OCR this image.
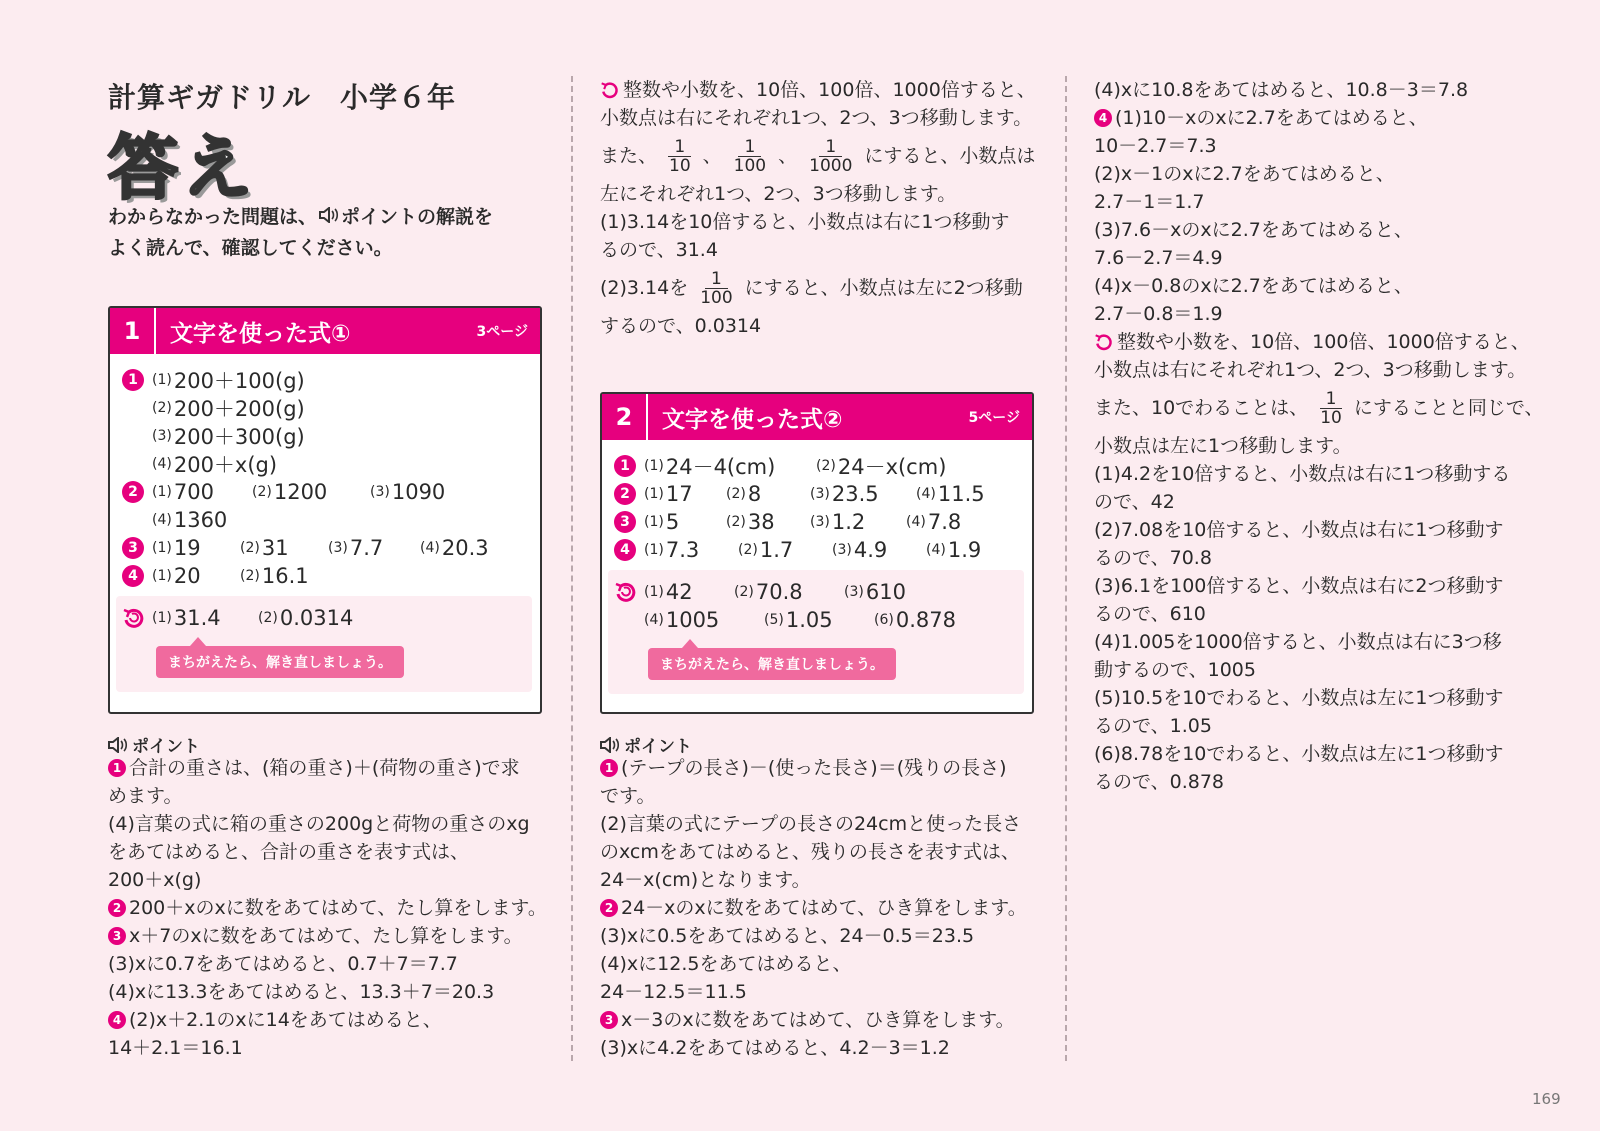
計算ギガドリル　小学６年
答え
わからなかった問題は、 ポイントの解説を
よく読んで、確認してください。
1	文字を使った式①	3ページ
1	(1) 200＋100(g)
(2) 200＋200(g)
(3) 200＋300(g)
(4) 200＋x(g)
2	(1) 700	(2) 1200	(3) 1090
(4) 1360
3	(1) 19	(2) 31	(3) 7.7	(4) 20.3
4	(1) 20	(2) 16.1
(1) 31.4	(2) 0.0314
まちがえたら、解き直しましょう。
ポイント
1 合計の重さは、(箱の重さ)＋(荷物の重さ)で求
めます。
(4)言葉の式に箱の重さの200gと荷物の重さのxg
をあてはめると、合計の重さを表す式は、
200＋x(g)
2 200＋xのxに数をあてはめて、たし算をします。
3 x＋7のxに数をあてはめて、たし算をします。
(3)xに0.7をあてはめると、0.7＋7＝7.7
(4)xに13.3をあてはめると、13.3＋7＝20.3
4 (2)x＋2.1のxに14をあてはめると、
14＋2.1＝16.1
整数や小数を、10倍、100倍、1000倍すると、
小数点は右にそれぞれ1つ、2つ、3つ移動します。
また、 $\frac{1}{10}$ 、 $\frac{1}{100}$ 、 $\frac{1}{1000}$ にすると、小数点は
左にそれぞれ1つ、2つ、3つ移動します。
(1)3.14を10倍すると、小数点は右に1つ移動す
るので、31.4
(2)3.14を $\frac{1}{100}$ にすると、小数点は左に2つ移動
するので、0.0314
2	文字を使った式②	5ページ
1	(1) 24－4(cm)	(2) 24－x(cm)
2	(1) 17 (2) 8	(3) 23.5	(4) 11.5
3	(1) 5	(2) 38	(3) 1.2	(4) 7.8
4	(1) 7.3	(2) 1.7	(3) 4.9	(4) 1.9
(1) 42	(2) 70.8	(3) 610
(4) 1005	(5) 1.05	(6) 0.878
まちがえたら、解き直しましょう。
ポイント
1 (テープの長さ)－(使った長さ)＝(残りの長さ)
です。
(2)言葉の式にテープの長さの24cmと使った長さ
のxcmをあてはめると、残りの長さを表す式は、
24－x(cm)となります。
2 24－xのxに数をあてはめて、ひき算をします。
(3)xに0.5をあてはめると、24－0.5＝23.5
(4)xに12.5をあてはめると、
24－12.5＝11.5
3 x－3のxに数をあてはめて、ひき算をします。
(3)xに4.2をあてはめると、4.2－3＝1.2
(4)xに10.8をあてはめると、10.8－3＝7.8
4 (1)10－xのxに2.7をあてはめると、
10－2.7＝7.3
(2)x－1のxに2.7をあてはめると、
2.7－1＝1.7
(3)7.6－xのxに2.7をあてはめると、
7.6－2.7＝4.9
(4)x－0.8のxに2.7をあてはめると、
2.7－0.8＝1.9
整数や小数を、10倍、100倍、1000倍すると、
小数点は右にそれぞれ1つ、2つ、3つ移動します。
また、10でわることは、 $\frac{1}{10}$ にすることと同じで、
小数点は左に1つ移動します。
(1)4.2を10倍すると、小数点は右に1つ移動する
ので、42
(2)7.08を10倍すると、小数点は右に1つ移動す
るので、70.8
(3)6.1を100倍すると、小数点は右に2つ移動す
るので、610
(4)1.005を1000倍すると、小数点は右に3つ移
動するので、1005
(5)10.5を10でわると、小数点は左に1つ移動す
るので、1.05
(6)8.78を10でわると、小数点は左に1つ移動す
るので、0.878
169
